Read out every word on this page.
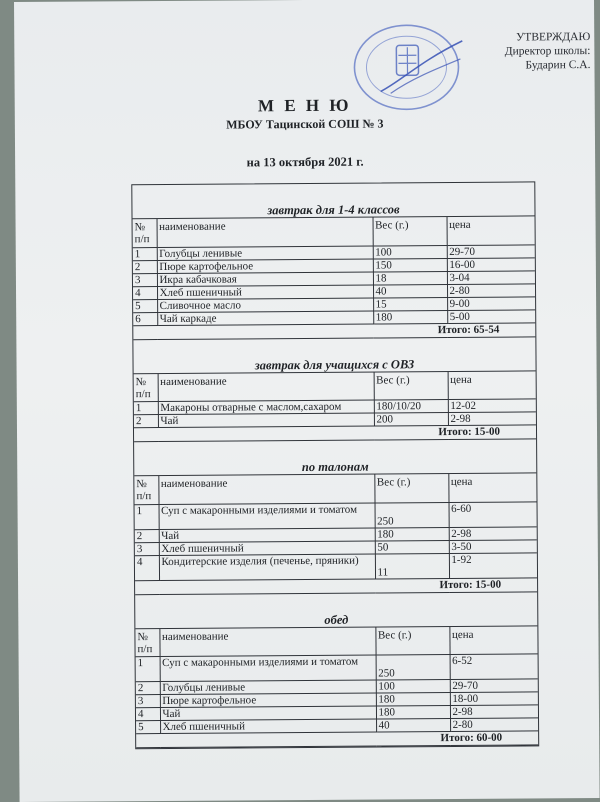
УТВЕРЖДАЮ
Директор школы:
Бударин С.А.
М Е Н Ю
МБОУ Тацинской СОШ № 3
на 13 октября 2021 г.
завтрак для 1-4 классов
№ п/п	наименование	Вес (г.)	цена
1	Голубцы ленивые	100	29-70
2	Пюре картофельное	150	16-00
3	Икра кабачковая	18	3-04
4	Хлеб пшеничный	40	2-80
5	Сливочное масло	15	9-00
6	Чай каркаде	180	5-00
Итого: 65-54			
завтрак для учащихся с ОВЗ
№ п/п	наименование	Вес (г.)	цена
1	Макароны отварные с маслом,сахаром	180/10/20	12-02
2	Чай	200	2-98
Итого: 15-00			
по талонам
№ п/п	наименование	Вес (г.)	цена
1	Суп с макаронными изделиями и томатом	250	6-60
2	Чай	180	2-98
3	Хлеб пшеничный	50	3-50
4	Кондитерские изделия (печенье, пряники)	11	1-92
Итого: 15-00			
обед
№ п/п	наименование	Вес (г.)	цена
1	Суп с макаронными изделиями и томатом	250	6-52
2	Голубцы ленивые	100	29-70
3	Пюре картофельное	180	18-00
4	Чай	180	2-98
5	Хлеб пшеничный	40	2-80
Итого: 60-00			
